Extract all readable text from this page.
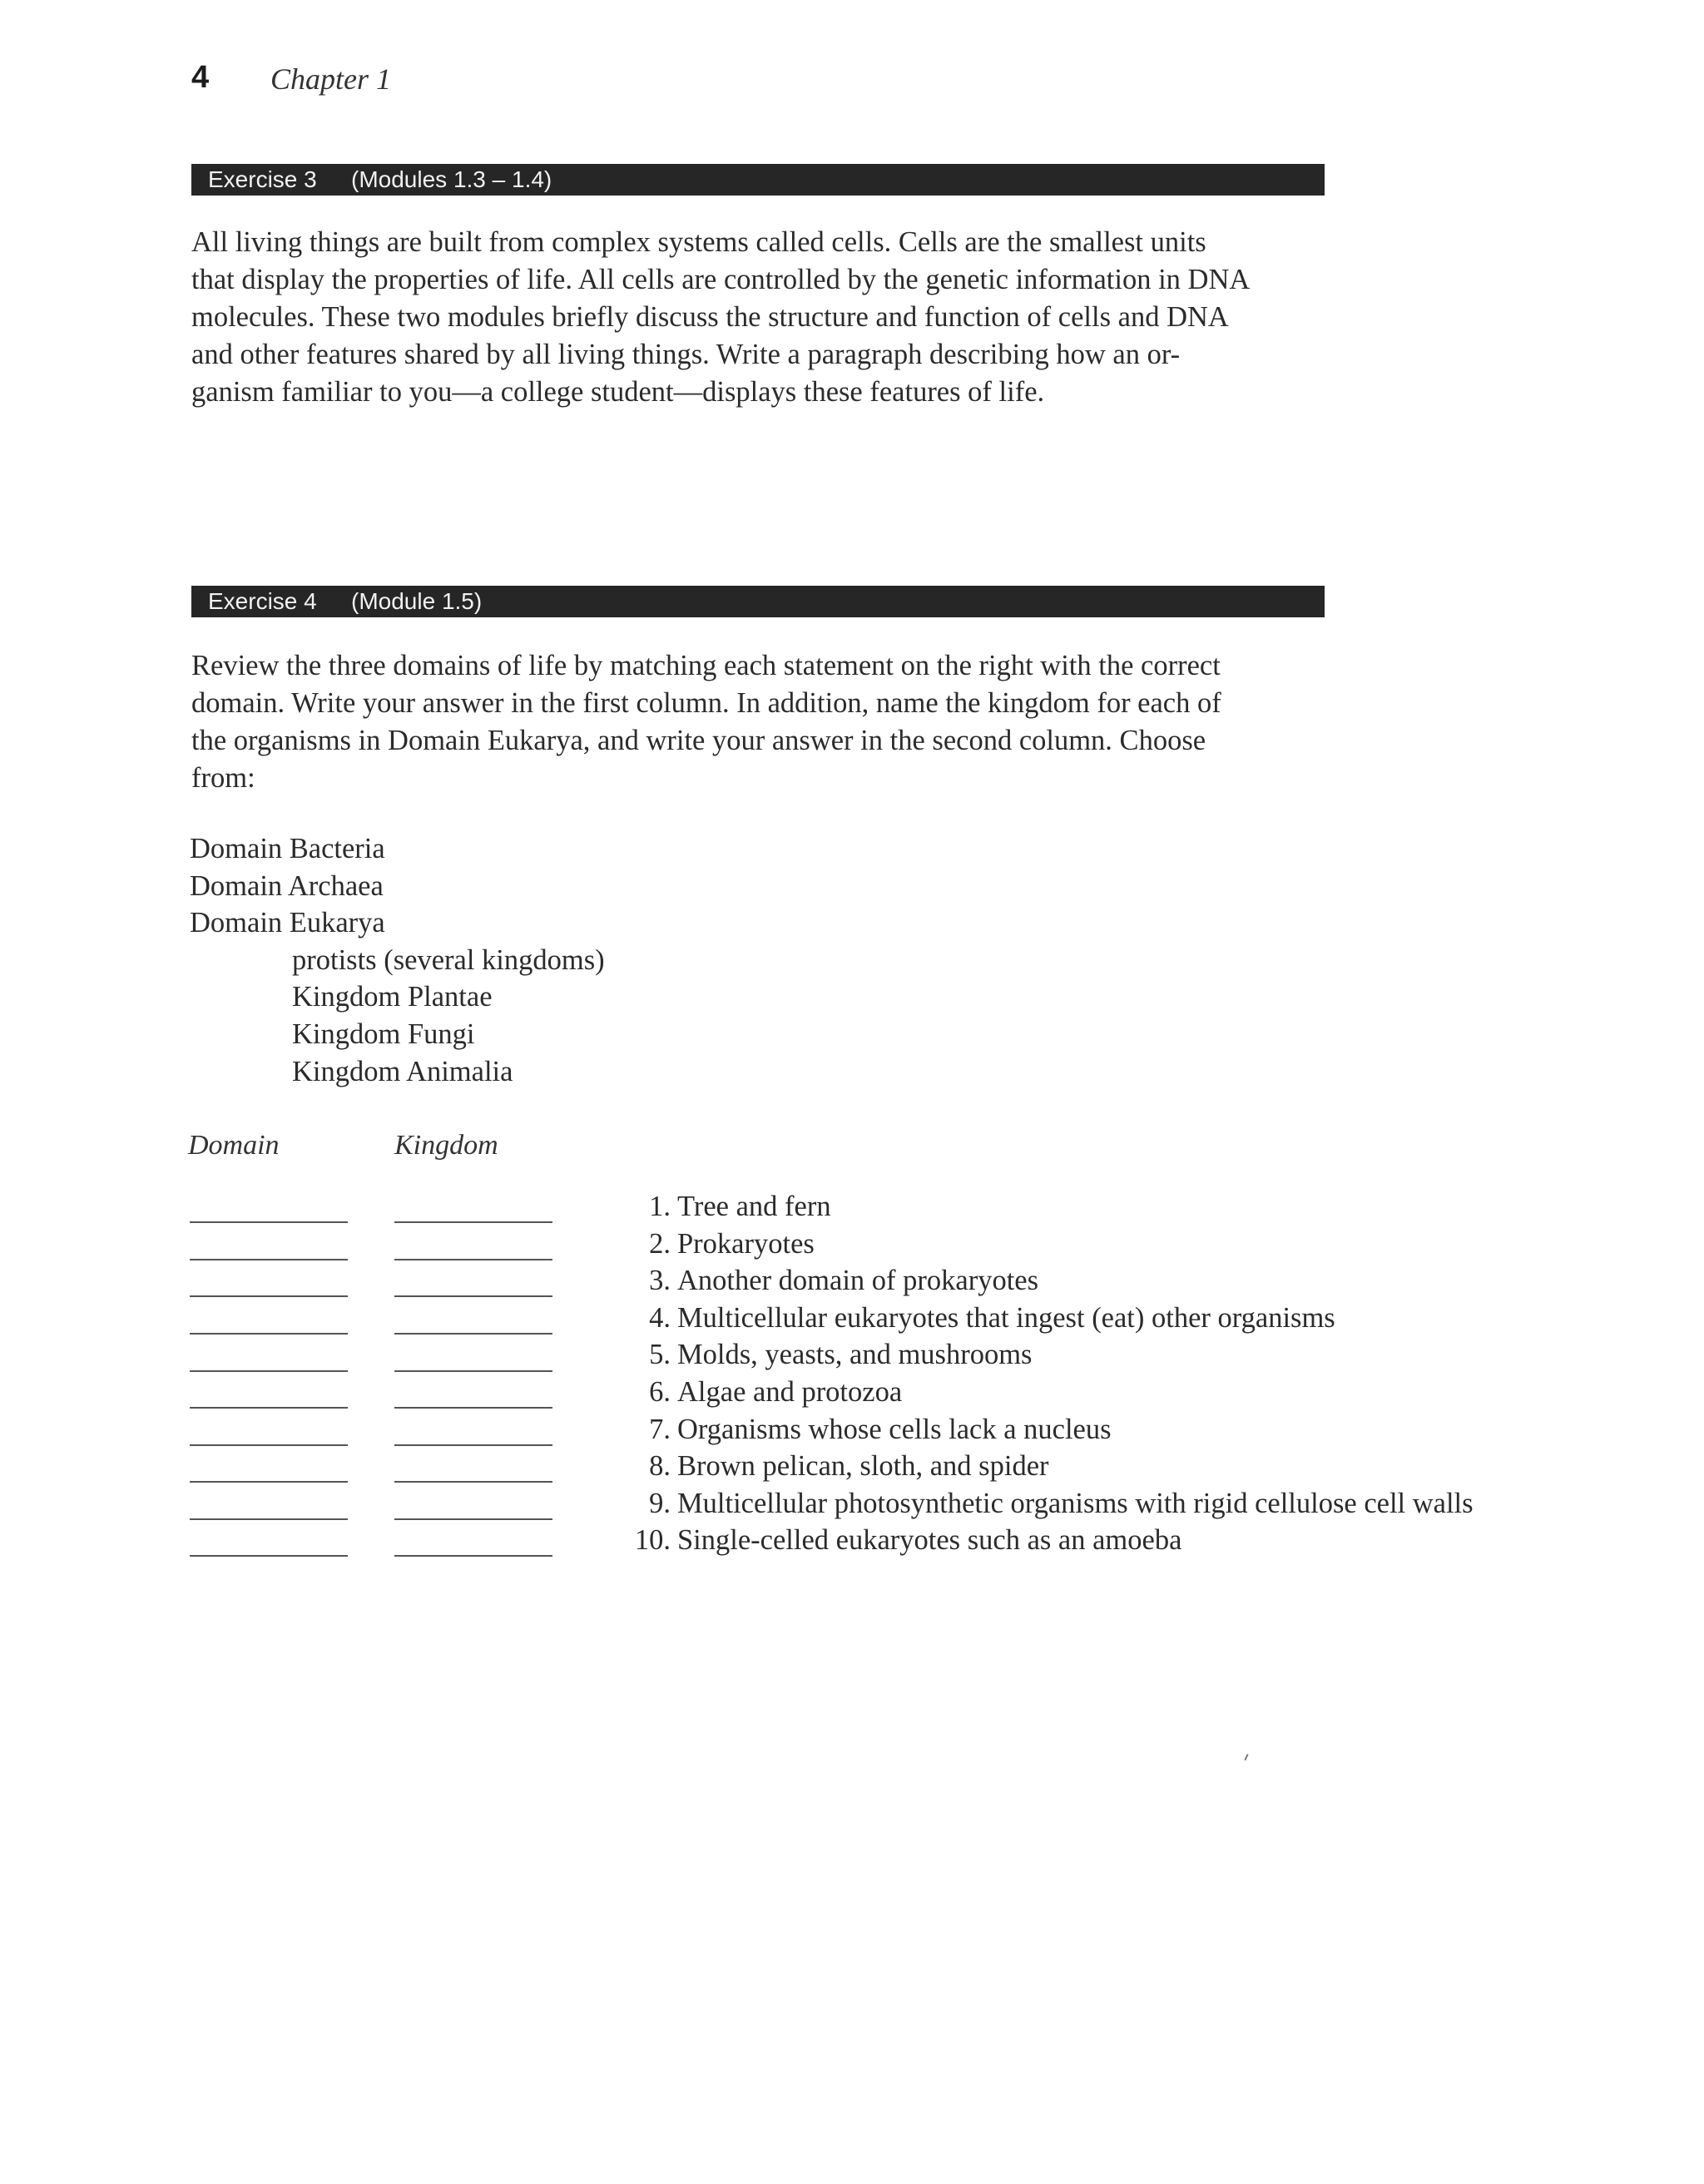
4 Chapter 1
Exercise 3 (Modules 1.3 – 1.4)
All living things are built from complex systems called cells. Cells are the smallest units
that display the properties of life. All cells are controlled by the genetic information in DNA
molecules. These two modules briefly discuss the structure and function of cells and DNA
and other features shared by all living things. Write a paragraph describing how an or-
ganism familiar to you—a college student—displays these features of life.
Exercise 4 (Module 1.5)
Review the three domains of life by matching each statement on the right with the correct
domain. Write your answer in the first column. In addition, name the kingdom for each of
the organisms in Domain Eukarya, and write your answer in the second column. Choose
from:
Domain Bacteria
Domain Archaea
Domain Eukarya
protists (several kingdoms)
Kingdom Plantae
Kingdom Fungi
Kingdom Animalia
Domain	Kingdom
1. Tree and fern
2. Prokaryotes
3. Another domain of prokaryotes
4. Multicellular eukaryotes that ingest (eat) other organisms
5. Molds, yeasts, and mushrooms
6. Algae and protozoa
7. Organisms whose cells lack a nucleus
8. Brown pelican, sloth, and spider
9. Multicellular photosynthetic organisms with rigid cellulose cell walls
10. Single-celled eukaryotes such as an amoeba
